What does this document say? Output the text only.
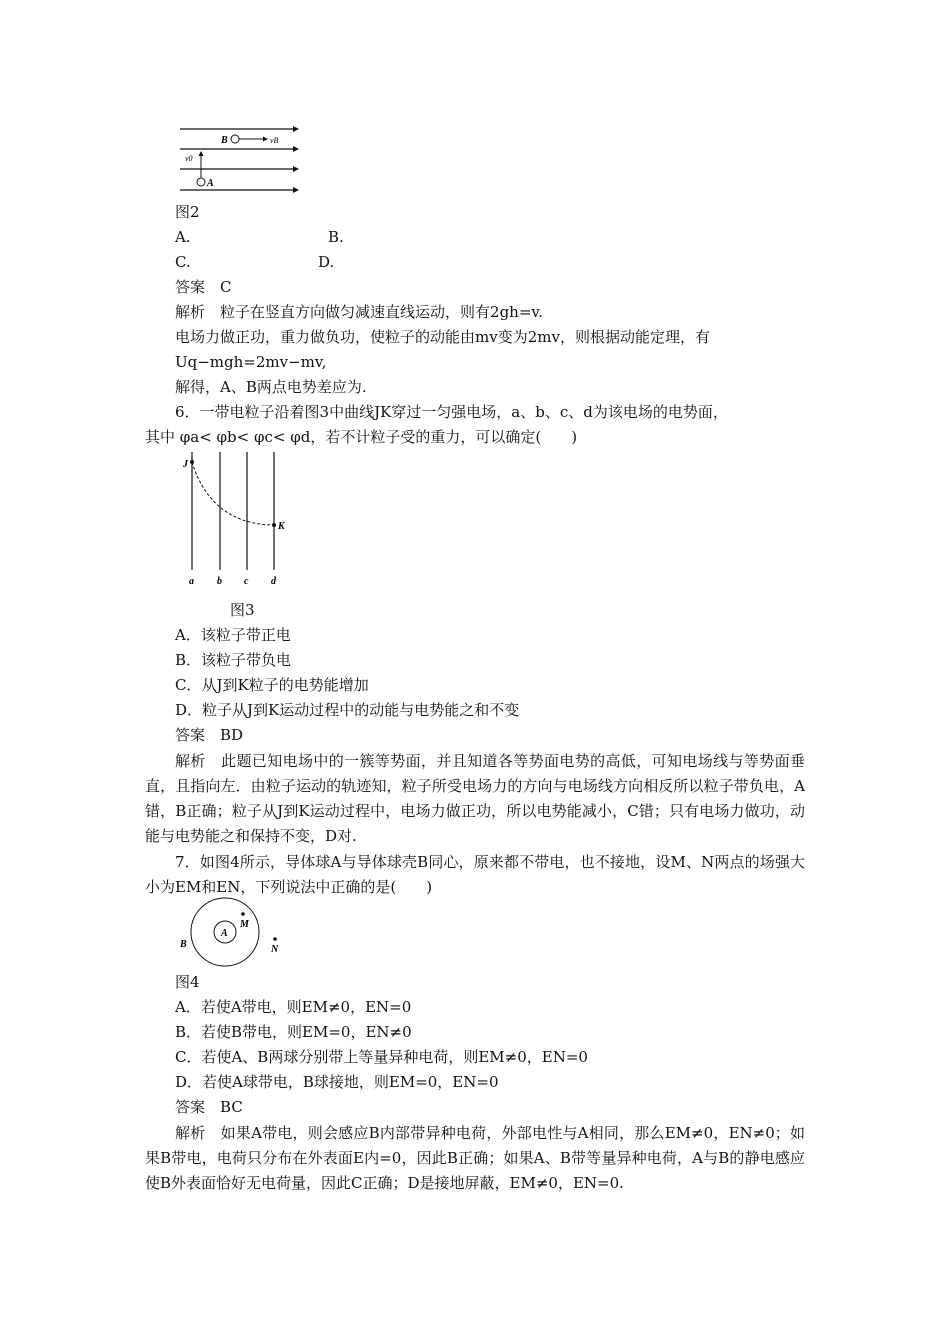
B	vB
v0
A
图2
A.	B.
C.	D.
答案　 C
解析　 粒子在竖直方向做匀减速直线运动，则有2gh=v.
电场力做正功，重力做负功，使粒子的动能由mv变为2mv，则根据动能定理，有
Uq−mgh=2mv−mv,
解得，A、B两点电势差应为.
6．一带电粒子沿着图3中曲线JK穿过一匀强电场，a、b、c、d为该电场的电势面，
其中 φa< φb< φc< φd，若不计粒子受的重力，可以确定(　　)
J
K
a b c d
图3
A．该粒子带正电
B．该粒子带负电
C．从J到K粒子的电势能增加
D．粒子从J到K运动过程中的动能与电势能之和不变
答案　 BD
解析　此题已知电场中的一簇等势面，并且知道各等势面电势的高低，可知电场线与等势面垂直，且指向左．由粒子运动的轨迹知，粒子所受电场力的方向与电场线方向相反所以粒子带负电，A错，B正确；粒子从J到K运动过程中，电场力做正功，所以电势能减小，C错；只有电场力做功，动能与电势能之和保持不变，D对.
7．如图4所示，导体球A与导体球壳B同心，原来都不带电，也不接地，设M、N两点的场强大小为EM和EN，下列说法中正确的是(　　)
A
B
M
N
图4
A．若使A带电，则EM≠0，EN=0
B．若使B带电，则EM=0，EN≠0
C．若使A、B两球分别带上等量异种电荷，则EM≠0，EN=0
D．若使A球带电，B球接地，则EM=0，EN=0
答案　 BC
解析　如果A带电，则会感应B内部带异种电荷，外部电性与A相同，那么EM≠0，EN≠0；如果B带电，电荷只分布在外表面E内=0，因此B正确；如果A、B带等量异种电荷，A与B的静电感应使B外表面恰好无电荷量，因此C正确；D是接地屏蔽，EM≠0，EN=0.
